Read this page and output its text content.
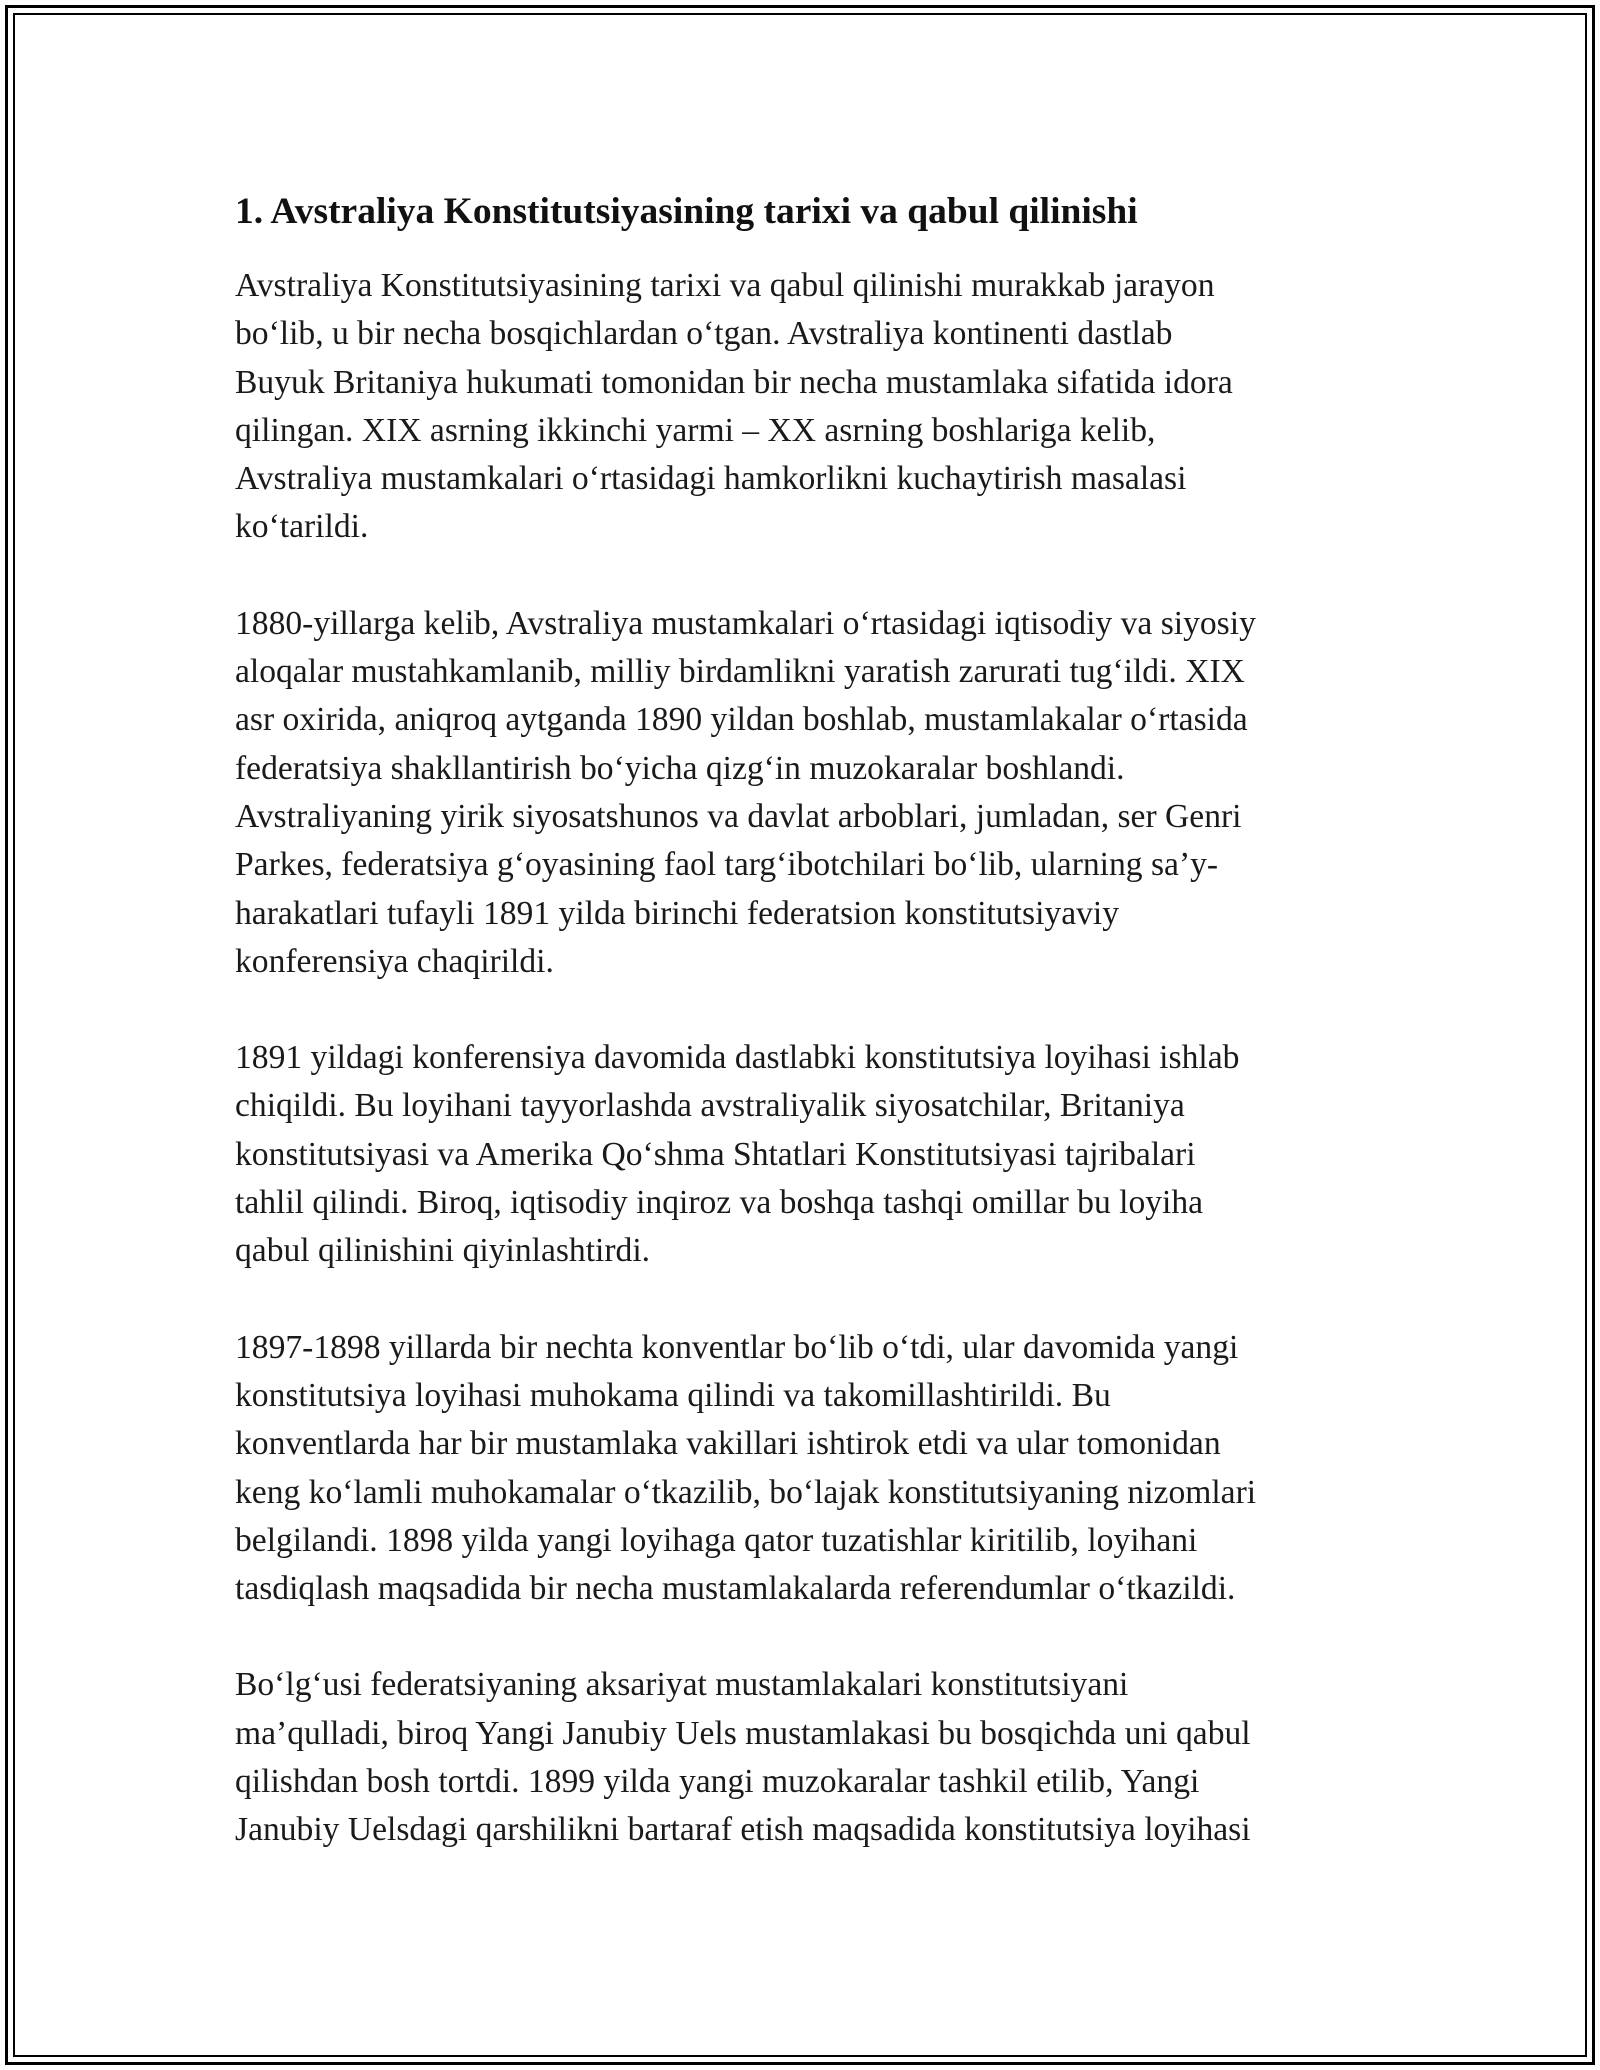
1. Avstraliya Konstitutsiyasining tarixi va qabul qilinishi

Avstraliya Konstitutsiyasining tarixi va qabul qilinishi murakkab jarayon
bo‘lib, u bir necha bosqichlardan o‘tgan. Avstraliya kontinenti dastlab
Buyuk Britaniya hukumati tomonidan bir necha mustamlaka sifatida idora
qilingan. XIX asrning ikkinchi yarmi – XX asrning boshlariga kelib,
Avstraliya mustamkalari o‘rtasidagi hamkorlikni kuchaytirish masalasi
ko‘tarildi.

1880-yillarga kelib, Avstraliya mustamkalari o‘rtasidagi iqtisodiy va siyosiy
aloqalar mustahkamlanib, milliy birdamlikni yaratish zarurati tug‘ildi. XIX
asr oxirida, aniqroq aytganda 1890 yildan boshlab, mustamlakalar o‘rtasida
federatsiya shakllantirish bo‘yicha qizg‘in muzokaralar boshlandi.
Avstraliyaning yirik siyosatshunos va davlat arboblari, jumladan, ser Genri
Parkes, federatsiya g‘oyasining faol targ‘ibotchilari bo‘lib, ularning sa’y-
harakatlari tufayli 1891 yilda birinchi federatsion konstitutsiyaviy
konferensiya chaqirildi.

1891 yildagi konferensiya davomida dastlabki konstitutsiya loyihasi ishlab
chiqildi. Bu loyihani tayyorlashda avstraliyalik siyosatchilar, Britaniya
konstitutsiyasi va Amerika Qo‘shma Shtatlari Konstitutsiyasi tajribalari
tahlil qilindi. Biroq, iqtisodiy inqiroz va boshqa tashqi omillar bu loyiha
qabul qilinishini qiyinlashtirdi.

1897-1898 yillarda bir nechta konventlar bo‘lib o‘tdi, ular davomida yangi
konstitutsiya loyihasi muhokama qilindi va takomillashtirildi. Bu
konventlarda har bir mustamlaka vakillari ishtirok etdi va ular tomonidan
keng ko‘lamli muhokamalar o‘tkazilib, bo‘lajak konstitutsiyaning nizomlari
belgilandi. 1898 yilda yangi loyihaga qator tuzatishlar kiritilib, loyihani
tasdiqlash maqsadida bir necha mustamlakalarda referendumlar o‘tkazildi.

Bo‘lg‘usi federatsiyaning aksariyat mustamlakalari konstitutsiyani
ma’qulladi, biroq Yangi Janubiy Uels mustamlakasi bu bosqichda uni qabul
qilishdan bosh tortdi. 1899 yilda yangi muzokaralar tashkil etilib, Yangi
Janubiy Uelsdagi qarshilikni bartaraf etish maqsadida konstitutsiya loyihasi
